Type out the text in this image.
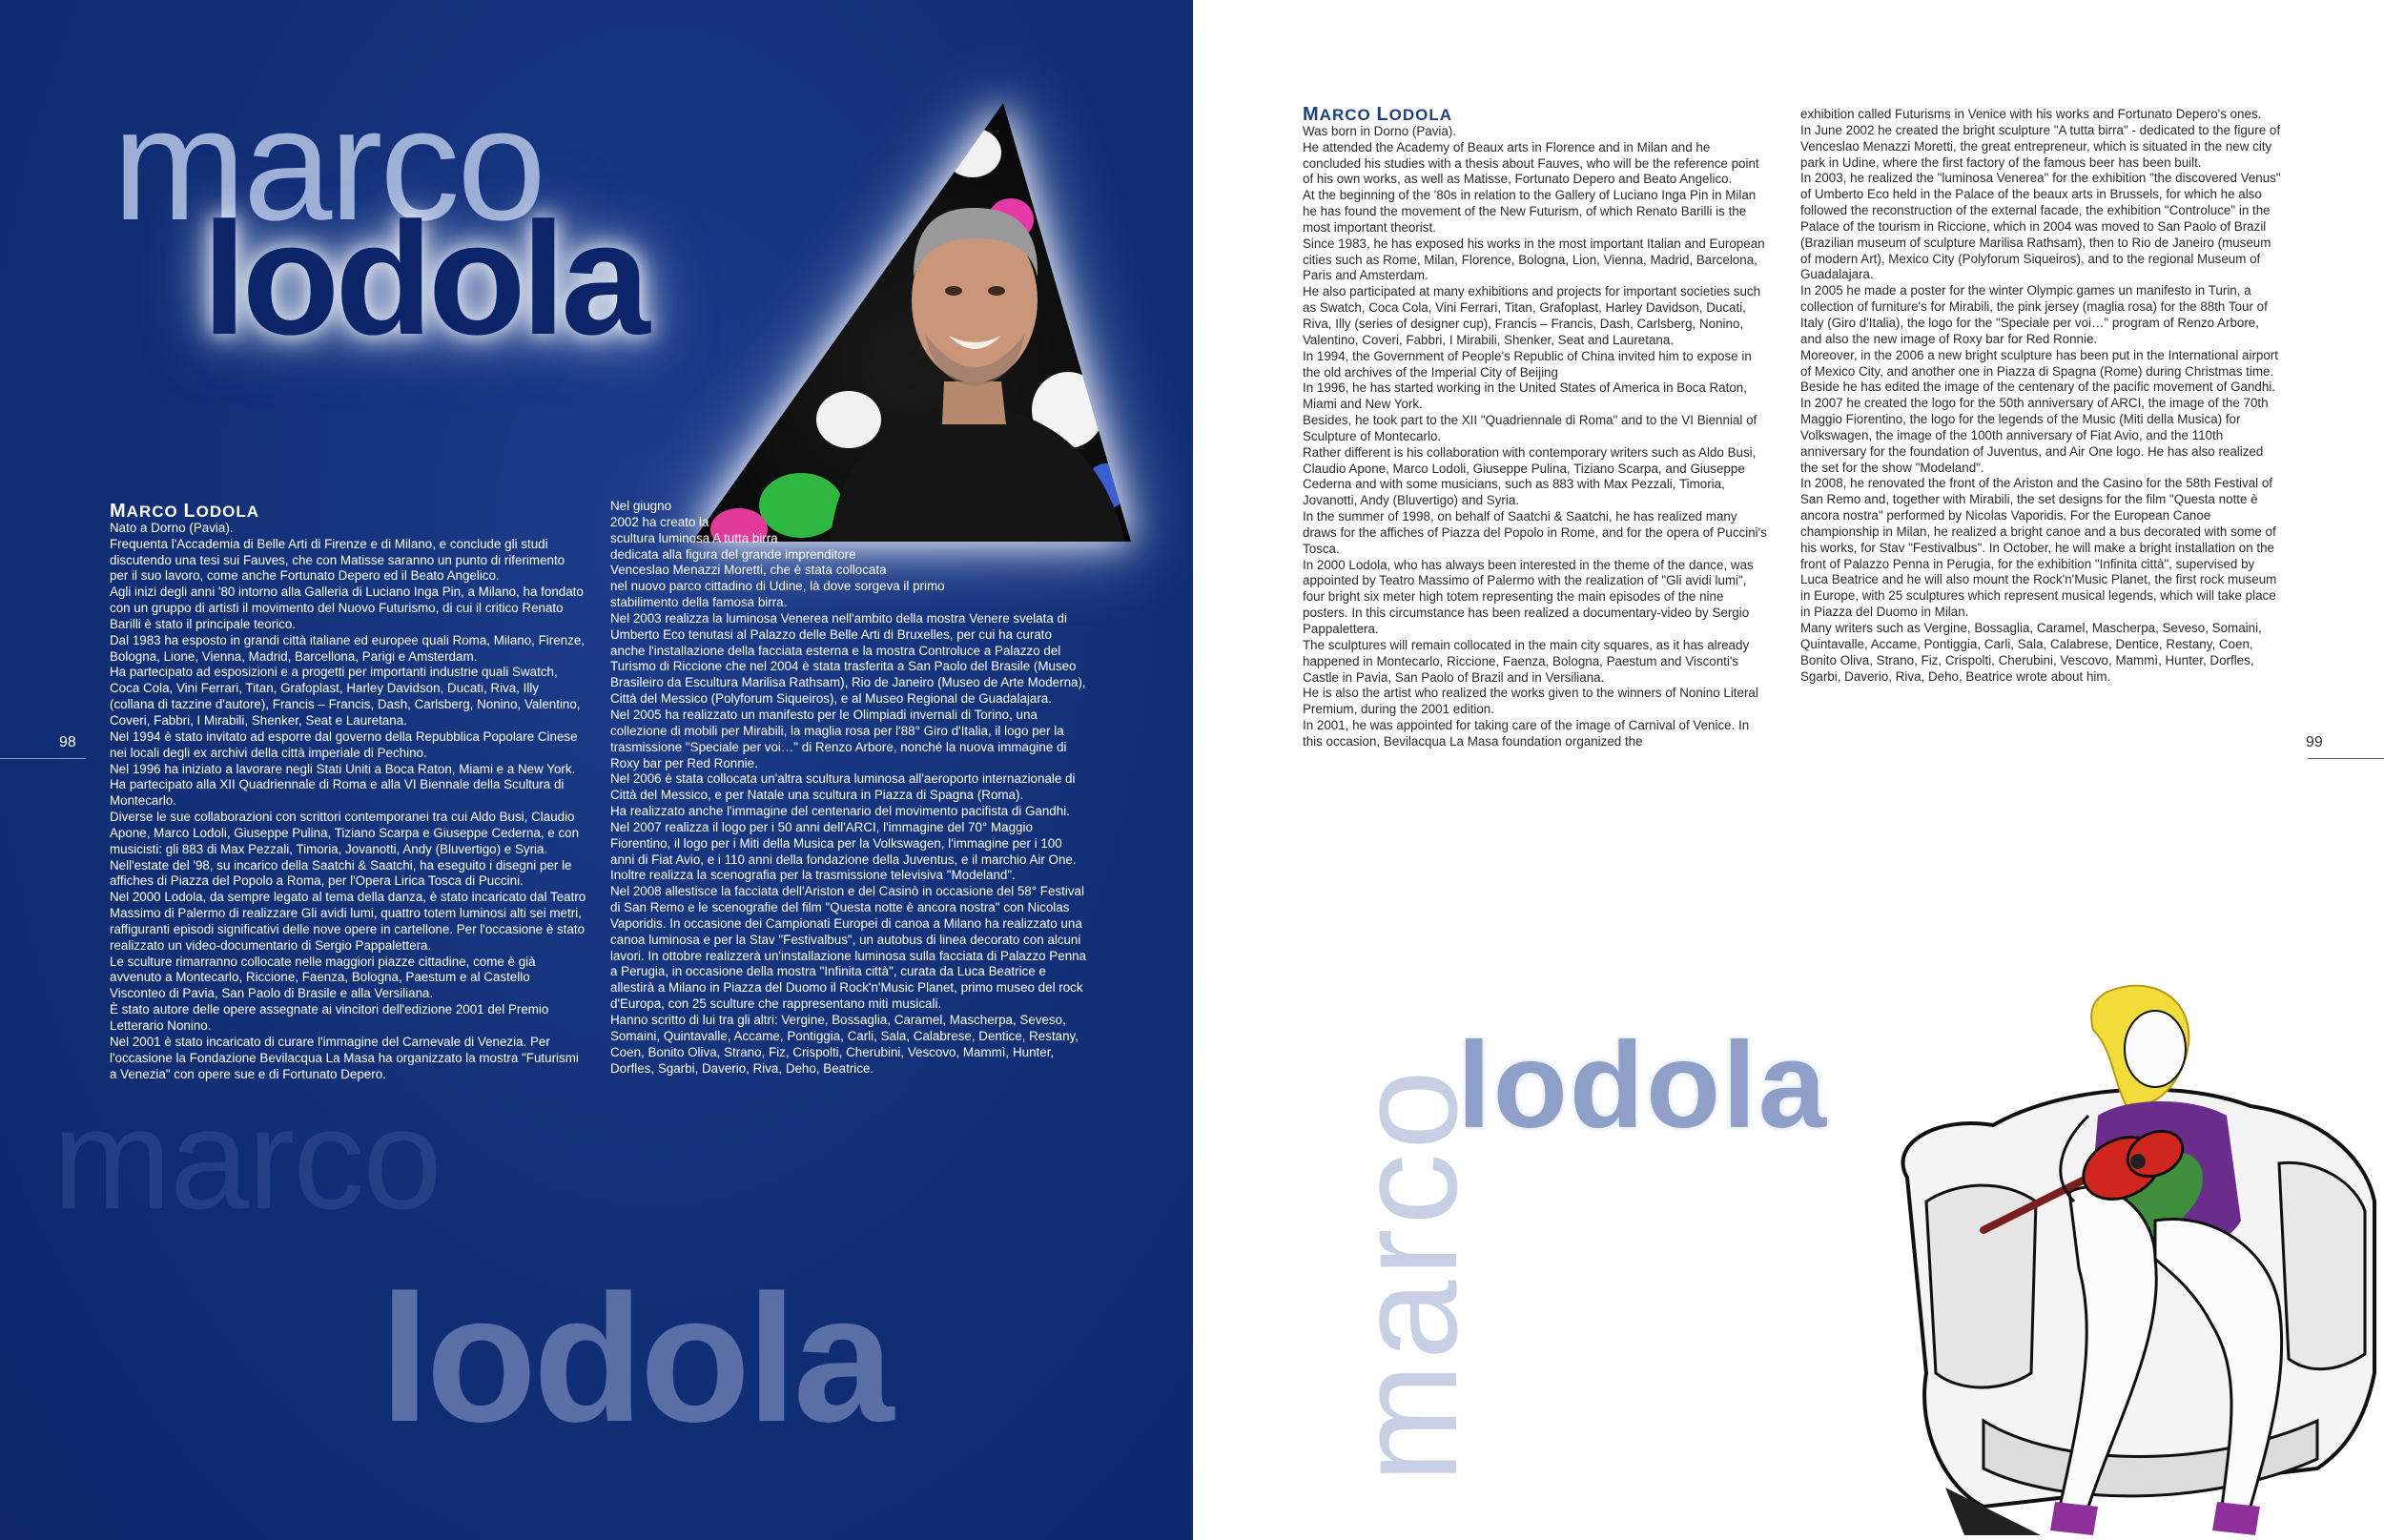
marco
lodola
marco
lodola
MARCO LODOLA

Nato a Dorno (Pavia).

Frequenta l'Accademia di Belle Arti di Firenze e di Milano, e conclude gli studi discutendo una tesi sui Fauves, che con Matisse saranno un punto di riferimento per il suo lavoro, come anche Fortunato Depero ed il Beato Angelico.

Agli inizi degli anni '80 intorno alla Galleria di Luciano Inga Pin, a Milano, ha fondato con un gruppo di artisti il movimento del Nuovo Futurismo, di cui il critico Renato Barilli è stato il principale teorico.

Dal 1983 ha esposto in grandi città italiane ed europee quali Roma, Milano, Firenze, Bologna, Lione, Vienna, Madrid, Barcellona, Parigi e Amsterdam.

Ha partecipato ad esposizioni e a progetti per importanti industrie quali Swatch, Coca Cola, Vini Ferrari, Titan, Grafoplast, Harley Davidson, Ducati, Riva, Illy (collana di tazzine d'autore), Francis – Francis, Dash, Carlsberg, Nonino, Valentino, Coveri, Fabbri, I Mirabili, Shenker, Seat e Lauretana.

Nel 1994 è stato invitato ad esporre dal governo della Repubblica Popolare Cinese nei locali degli ex archivi della città imperiale di Pechino.

Nel 1996 ha iniziato a lavorare negli Stati Uniti a Boca Raton, Miami e a New York.

Ha partecipato alla XII Quadriennale di Roma e alla VI Biennale della Scultura di Montecarlo.

Diverse le sue collaborazioni con scrittori contemporanei tra cui Aldo Busi, Claudio Apone, Marco Lodoli, Giuseppe Pulina, Tiziano Scarpa e Giuseppe Cederna, e con musicisti: gli 883 di Max Pezzali, Timoria, Jovanotti, Andy (Bluvertigo) e Syria.

Nell'estate del '98, su incarico della Saatchi & Saatchi, ha eseguito i disegni per le affiches di Piazza del Popolo a Roma, per l'Opera Lirica Tosca di Puccini.

Nel 2000 Lodola, da sempre legato al tema della danza, è stato incaricato dal Teatro Massimo di Palermo di realizzare Gli avidi lumi, quattro totem luminosi alti sei metri, raffiguranti episodi significativi delle nove opere in cartellone. Per l'occasione è stato realizzato un video-documentario di Sergio Pappalettera.

Le sculture rimarranno collocate nelle maggiori piazze cittadine, come è già avvenuto a Montecarlo, Riccione, Faenza, Bologna, Paestum e al Castello Visconteo di Pavia, San Paolo di Brasile e alla Versiliana.

È stato autore delle opere assegnate ai vincitori dell'edizione 2001 del Premio Letterario Nonino.

Nel 2001 è stato incaricato di curare l'immagine del Carnevale di Venezia. Per l'occasione la Fondazione Bevilacqua La Masa ha organizzato la mostra "Futurismi a Venezia" con opere sue e di Fortunato Depero.

Nel giugno

2002 ha creato la

scultura luminosa A tutta birra

dedicata alla figura del grande imprenditore

Venceslao Menazzi Moretti, che è stata collocata

nel nuovo parco cittadino di Udine, là dove sorgeva il primo

stabilimento della famosa birra.

Nel 2003 realizza la luminosa Venerea nell'ambito della mostra Venere svelata di Umberto Eco tenutasi al Palazzo delle Belle Arti di Bruxelles, per cui ha curato anche l'installazione della facciata esterna e la mostra Controluce a Palazzo del Turismo di Riccione che nel 2004 è stata trasferita a San Paolo del Brasile (Museo Brasileiro da Escultura Marilisa Rathsam), Rio de Janeiro (Museo de Arte Moderna), Città del Messico (Polyforum Siqueiros), e al Museo Regional de Guadalajara.

Nel 2005 ha realizzato un manifesto per le Olimpiadi invernali di Torino, una collezione di mobili per Mirabili, la maglia rosa per l'88° Giro d'Italia, il logo per la trasmissione "Speciale per voi…" di Renzo Arbore, nonché la nuova immagine di Roxy bar per Red Ronnie.

Nel 2006 è stata collocata un'altra scultura luminosa all'aeroporto internazionale di Città del Messico, e per Natale una scultura in Piazza di Spagna (Roma).

Ha realizzato anche l'immagine del centenario del movimento pacifista di Gandhi.

Nel 2007 realizza il logo per i 50 anni dell'ARCI, l'immagine del 70° Maggio Fiorentino, il logo per i Miti della Musica per la Volkswagen, l'immagine per i 100 anni di Fiat Avio, e i 110 anni della fondazione della Juventus, e il marchio Air One. Inoltre realizza la scenografia per la trasmissione televisiva "Modeland".

Nel 2008 allestisce la facciata dell'Ariston e del Casinò in occasione del 58° Festival di San Remo e le scenografie del film "Questa notte è ancora nostra" con Nicolas Vaporidis. In occasione dei Campionati Europei di canoa a Milano ha realizzato una canoa luminosa e per la Stav "Festivalbus", un autobus di linea decorato con alcuni lavori. In ottobre realizzerà un'installazione luminosa sulla facciata di Palazzo Penna a Perugia, in occasione della mostra "Infinita città", curata da Luca Beatrice e allestirà a Milano in Piazza del Duomo il Rock'n'Music Planet, primo museo del rock d'Europa, con 25 sculture che rappresentano miti musicali.

Hanno scritto di lui tra gli altri: Vergine, Bossaglia, Caramel, Mascherpa, Seveso, Somaini, Quintavalle, Accame, Pontiggia, Carli, Sala, Calabrese, Dentice, Restany, Coen, Bonito Oliva, Strano, Fiz, Crispolti, Cherubini, Vescovo, Mammì, Hunter, Dorfles, Sgarbi, Daverio, Riva, Deho, Beatrice.

98
MARCO LODOLA

Was born in Dorno (Pavia).

He attended the Academy of Beaux arts in Florence and in Milan and he concluded his studies with a thesis about Fauves, who will be the reference point of his own works, as well as Matisse, Fortunato Depero and Beato Angelico.

At the beginning of the '80s in relation to the Gallery of Luciano Inga Pin in Milan he has found the movement of the New Futurism, of which Renato Barilli is the most important theorist.

Since 1983, he has exposed his works in the most important Italian and European cities such as Rome, Milan, Florence, Bologna, Lion, Vienna, Madrid, Barcelona, Paris and Amsterdam.

He also participated at many exhibitions and projects for important societies such as Swatch, Coca Cola, Vini Ferrari, Titan, Grafoplast, Harley Davidson, Ducati, Riva, Illy (series of designer cup), Francis – Francis, Dash, Carlsberg, Nonino, Valentino, Coveri, Fabbri, I Mirabili, Shenker, Seat and Lauretana.

In 1994, the Government of People's Republic of China invited him to expose in the old archives of the Imperial City of Beijing

In 1996, he has started working in the United States of America in Boca Raton, Miami and New York.

Besides, he took part to the XII "Quadriennale di Roma" and to the VI Biennial of Sculpture of Montecarlo.

Rather different is his collaboration with contemporary writers such as Aldo Busi, Claudio Apone, Marco Lodoli, Giuseppe Pulina, Tiziano Scarpa, and Giuseppe Cederna and with some musicians, such as 883 with Max Pezzali, Timoria, Jovanotti, Andy (Bluvertigo) and Syria.

In the summer of 1998, on behalf of Saatchi & Saatchi, he has realized many draws for the affiches of Piazza del Popolo in Rome, and for the opera of Puccini's Tosca.

In 2000 Lodola, who has always been interested in the theme of the dance, was appointed by Teatro Massimo of Palermo with the realization of "Gli avidi lumi", four bright six meter high totem representing the main episodes of the nine posters. In this circumstance has been realized a documentary-video by Sergio Pappalettera.

The sculptures will remain collocated in the main city squares, as it has already happened in Montecarlo, Riccione, Faenza, Bologna, Paestum and Visconti's Castle in Pavia, San Paolo of Brazil and in Versiliana.

He is also the artist who realized the works given to the winners of Nonino Literal Premium, during the 2001 edition.

In 2001, he was appointed for taking care of the image of Carnival of Venice. In this occasion, Bevilacqua La Masa foundation organized the

exhibition called Futurisms in Venice with his works and Fortunato Depero's ones.

In June 2002 he created the bright sculpture "A tutta birra" - dedicated to the figure of Venceslao Menazzi Moretti, the great entrepreneur, which is situated in the new city park in Udine, where the first factory of the famous beer has been built.

In 2003, he realized the "luminosa Venerea" for the exhibition "the discovered Venus" of Umberto Eco held in the Palace of the beaux arts in Brussels, for which he also followed the reconstruction of the external facade, the exhibition "Controluce" in the Palace of the tourism in Riccione, which in 2004 was moved to San Paolo of Brazil (Brazilian museum of sculpture Marilisa Rathsam), then to Rio de Janeiro (museum of modern Art), Mexico City (Polyforum Siqueiros), and to the regional Museum of Guadalajara.

In 2005 he made a poster for the winter Olympic games un manifesto in Turin, a collection of furniture's for Mirabili, the pink jersey (maglia rosa) for the 88th Tour of Italy (Giro d'Italia), the logo for the "Speciale per voi…" program of Renzo Arbore, and also the new image of Roxy bar for Red Ronnie.

Moreover, in the 2006 a new bright sculpture has been put in the International airport of Mexico City, and another one in Piazza di Spagna (Rome) during Christmas time. Beside he has edited the image of the centenary of the pacific movement of Gandhi.

In 2007 he created the logo for the 50th anniversary of ARCI, the image of the 70th Maggio Fiorentino, the logo for the legends of the Music (Miti della Musica) for Volkswagen, the image of the 100th anniversary of Fiat Avio, and the 110th anniversary for the foundation of Juventus, and Air One logo. He has also realized the set for the show "Modeland".

In 2008, he renovated the front of the Ariston and the Casino for the 58th Festival of San Remo and, together with Mirabili, the set designs for the film "Questa notte è ancora nostra" performed by Nicolas Vaporidis. For the European Canoe championship in Milan, he realized a bright canoe and a bus decorated with some of his works, for Stav "Festivalbus". In October, he will make a bright installation on the front of Palazzo Penna in Perugia, for the exhibition "Infinita città", supervised by Luca Beatrice and he will also mount the Rock'n'Music Planet, the first rock museum in Europe, with 25 sculptures which represent musical legends, which will take place in Piazza del Duomo in Milan.

Many writers such as Vergine, Bossaglia, Caramel, Mascherpa, Seveso, Somaini, Quintavalle, Accame, Pontiggia, Carli, Sala, Calabrese, Dentice, Restany, Coen, Bonito Oliva, Strano, Fiz, Crispolti, Cherubini, Vescovo, Mammì, Hunter, Dorfles, Sgarbi, Daverio, Riva, Deho, Beatrice wrote about him.

99
marco
lodola
